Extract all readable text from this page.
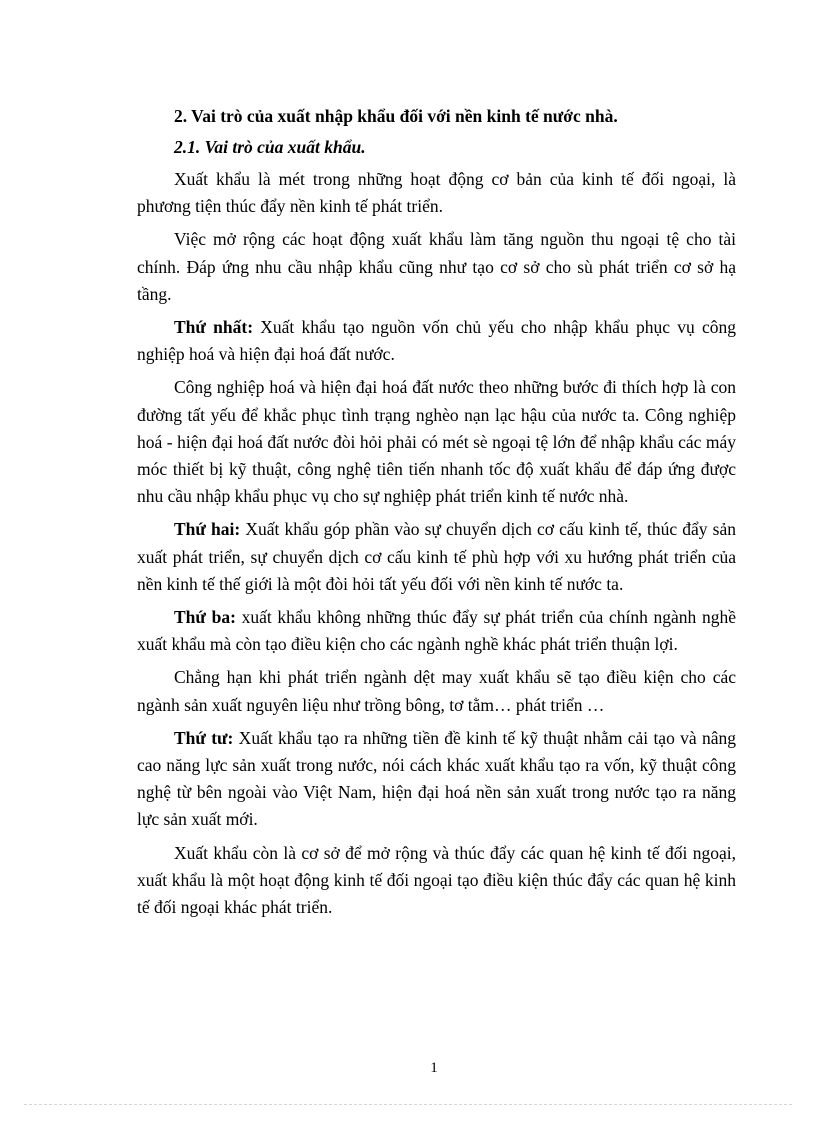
2. Vai trò của xuất nhập khẩu đối với nền kinh tế nước nhà.
2.1. Vai trò của xuất khẩu.

Xuất khẩu là mét trong những hoạt động cơ bản của kinh tế đối ngoại, là phương tiện thúc đẩy nền kinh tế phát triển.

Việc mở rộng các hoạt động xuất khẩu làm tăng nguồn thu ngoại tệ cho tài chính. Đáp ứng nhu cầu nhập khẩu cũng như tạo cơ sở cho sù phát triển cơ sở hạ tầng.

Thứ nhất: Xuất khẩu tạo nguồn vốn chủ yếu cho nhập khẩu phục vụ công nghiệp hoá và hiện đại hoá đất nước.

Công nghiệp hoá và hiện đại hoá đất nước theo những bước đi thích hợp là con đường tất yếu để khắc phục tình trạng nghèo nạn lạc hậu của nước ta. Công nghiệp hoá - hiện đại hoá đất nước đòi hỏi phải có mét sè ngoại tệ lớn để nhập khẩu các máy móc thiết bị kỹ thuật, công nghệ tiên tiến nhanh tốc độ xuất khẩu để đáp ứng được nhu cầu nhập khẩu phục vụ cho sự nghiệp phát triển kinh tế nước nhà.

Thứ hai: Xuất khẩu góp phần vào sự chuyển dịch cơ cấu kinh tế, thúc đẩy sản xuất phát triển, sự chuyển dịch cơ cấu kinh tế phù hợp với xu hướng phát triển của nền kinh tế thế giới là một đòi hỏi tất yếu đối với nền kinh tế nước ta.

Thứ ba: xuất khẩu không những thúc đẩy sự phát triển của chính ngành nghề xuất khẩu mà còn tạo điều kiện cho các ngành nghề khác phát triển thuận lợi.

Chẳng hạn khi phát triển ngành dệt may xuất khẩu sẽ tạo điều kiện cho các ngành sản xuất nguyên liệu như trồng bông, tơ tằm… phát triển …

Thứ tư: Xuất khẩu tạo ra những tiền đề kinh tế kỹ thuật nhằm cải tạo và nâng cao năng lực sản xuất trong nước, nói cách khác xuất khẩu tạo ra vốn, kỹ thuật công nghệ từ bên ngoài vào Việt Nam, hiện đại hoá nền sản xuất trong nước tạo ra năng lực sản xuất mới.

Xuất khẩu còn là cơ sở để mở rộng và thúc đẩy các quan hệ kinh tế đối ngoại, xuất khẩu là một hoạt động kinh tế đối ngoại tạo điều kiện thúc đẩy các quan hệ kinh tế đối ngoại khác phát triển.

1
